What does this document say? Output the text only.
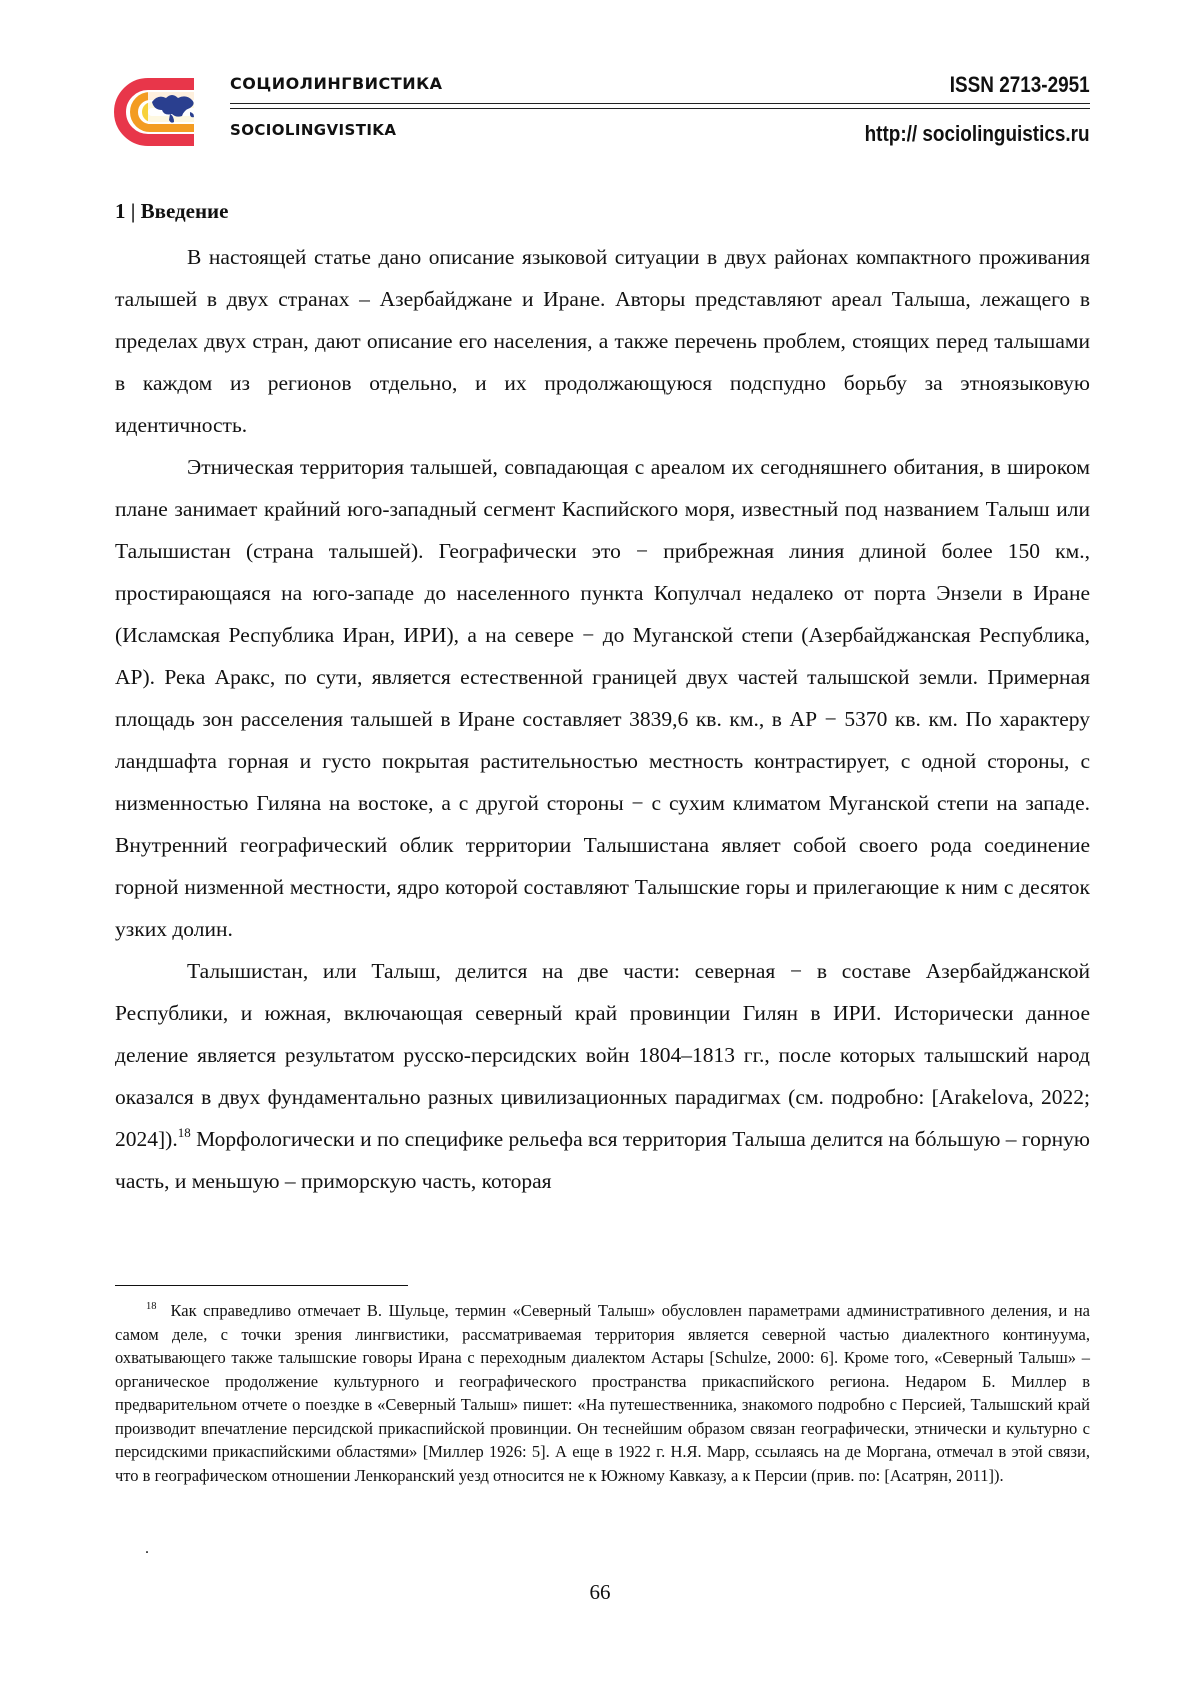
СОЦИОЛИНГВИСТИКА
SOCIOLINGVISTIKA
ISSN 2713-2951
http:// sociolinguistics.ru
1 | Введение

В настоящей статье дано описание языковой ситуации в двух районах компактного проживания талышей в двух странах – Азербайджане и Иране. Авторы представляют ареал Талыша, лежащего в пределах двух стран, дают описание его населения, а также перечень проблем, стоящих перед талышами в каждом из регионов отдельно, и их продолжающуюся подспудно борьбу за этноязыковую идентичность.

Этническая территория талышей, совпадающая с ареалом их сегодняшнего обитания, в широком плане занимает крайний юго-западный сегмент Каспийского моря, известный под названием Талыш или Талышистан (страна талышей). Географически это − прибрежная линия длиной более 150 км., простирающаяся на юго-западе до населенного пункта Копулчал недалеко от порта Энзели в Иране (Исламская Республика Иран, ИРИ), а на севере − до Муганской степи (Азербайджанская Республика, АР). Река Аракс, по сути, является естественной границей двух частей талышской земли. Примерная площадь зон расселения талышей в Иране составляет 3839,6 кв. км., в АР − 5370 кв. км. По характеру ландшафта горная и густо покрытая растительностью местность контрастирует, с одной стороны, с низменностью Гиляна на востоке, а с другой стороны − с сухим климатом Муганской степи на западе. Внутренний географический облик территории Талышистана являет собой своего рода соединение горной низменной местности, ядро которой составляют Талышские горы и прилегающие к ним с десяток узких долин.

Талышистан, или Талыш, делится на две части: северная − в составе Азербайджанской Республики, и южная, включающая северный край провинции Гилян в ИРИ. Исторически данное деление является результатом русско-персидских войн 1804–1813 гг., после которых талышский народ оказался в двух фундаментально разных цивилизационных парадигмах (см. подробно: [Arakelova, 2022; 2024]).$^{18}$ Морфологически и по специфике рельефа вся территория Талыша делится на бóльшую – горную часть, и меньшую – приморскую часть, которая

$^{18}$ Как справедливо отмечает В. Шульце, термин «Северный Талыш» обусловлен параметрами административного деления, и на самом деле, с точки зрения лингвистики, рассматриваемая территория является северной частью диалектного континуума, охватывающего также талышские говоры Ирана с переходным диалектом Астары [Schulze, 2000: 6]. Кроме того, «Северный Талыш» – органическое продолжение культурного и географического пространства прикаспийского региона. Недаром Б. Миллер в предварительном отчете о поездке в «Северный Талыш» пишет: «На путешественника, знакомого подробно с Персией, Талышский край производит впечатление персидской прикаспийской провинции. Он теснейшим образом связан географически, этнически и культурно с персидскими прикаспийскими областями» [Миллер 1926: 5]. А еще в 1922 г. Н.Я. Марр, ссылаясь на де Моргана, отмечал в этой связи, что в географическом отношении Ленкоранский уезд относится не к Южному Кавказу, а к Персии (прив. по: [Асатрян, 2011]).

.
66
